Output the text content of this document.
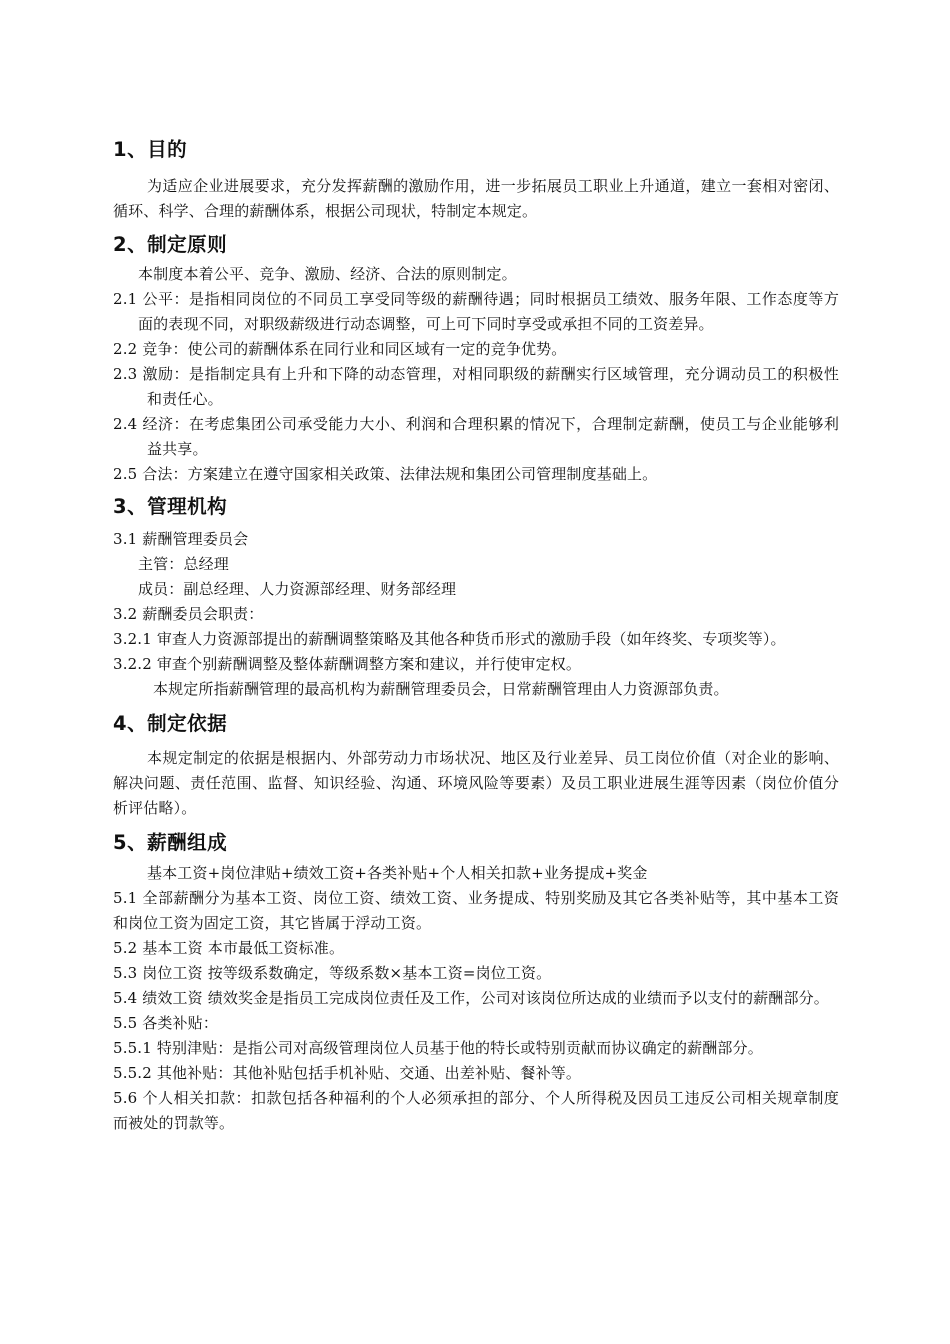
1、目的

为适应企业进展要求，充分发挥薪酬的激励作用，进一步拓展员工职业上升通道，建立一套相对密闭、循环、科学、合理的薪酬体系，根据公司现状，特制定本规定。

2、制定原则

本制度本着公平、竞争、激励、经济、合法的原则制定。

2.1 公平：是指相同岗位的不同员工享受同等级的薪酬待遇；同时根据员工绩效、服务年限、工作态度等方面的表现不同，对职级薪级进行动态调整，可上可下同时享受或承担不同的工资差异。

2.2 竞争：使公司的薪酬体系在同行业和同区域有一定的竞争优势。

2.3 激励：是指制定具有上升和下降的动态管理，对相同职级的薪酬实行区域管理，充分调动员工的积极性和责任心。

2.4 经济：在考虑集团公司承受能力大小、利润和合理积累的情况下，合理制定薪酬，使员工与企业能够利益共享。

2.5 合法：方案建立在遵守国家相关政策、法律法规和集团公司管理制度基础上。

3、管理机构

3.1 薪酬管理委员会

主管：总经理

成员：副总经理、人力资源部经理、财务部经理

3.2 薪酬委员会职责：

3.2.1 审查人力资源部提出的薪酬调整策略及其他各种货币形式的激励手段（如年终奖、专项奖等）。

3.2.2 审查个别薪酬调整及整体薪酬调整方案和建议，并行使审定权。

本规定所指薪酬管理的最高机构为薪酬管理委员会，日常薪酬管理由人力资源部负责。

4、制定依据

本规定制定的依据是根据内、外部劳动力市场状况、地区及行业差异、员工岗位价值（对企业的影响、解决问题、责任范围、监督、知识经验、沟通、环境风险等要素）及员工职业进展生涯等因素（岗位价值分析评估略）。

5、薪酬组成

基本工资+岗位津贴+绩效工资+各类补贴+个人相关扣款+业务提成+奖金

5.1 全部薪酬分为基本工资、岗位工资、绩效工资、业务提成、特别奖励及其它各类补贴等，其中基本工资和岗位工资为固定工资，其它皆属于浮动工资。

5.2 基本工资 本市最低工资标准。

5.3 岗位工资 按等级系数确定，等级系数×基本工资=岗位工资。

5.4 绩效工资 绩效奖金是指员工完成岗位责任及工作，公司对该岗位所达成的业绩而予以支付的薪酬部分。

5.5 各类补贴：

5.5.1 特别津贴：是指公司对高级管理岗位人员基于他的特长或特别贡献而协议确定的薪酬部分。

5.5.2 其他补贴：其他补贴包括手机补贴、交通、出差补贴、餐补等。

5.6 个人相关扣款：扣款包括各种福利的个人必须承担的部分、个人所得税及因员工违反公司相关规章制度而被处的罚款等。
